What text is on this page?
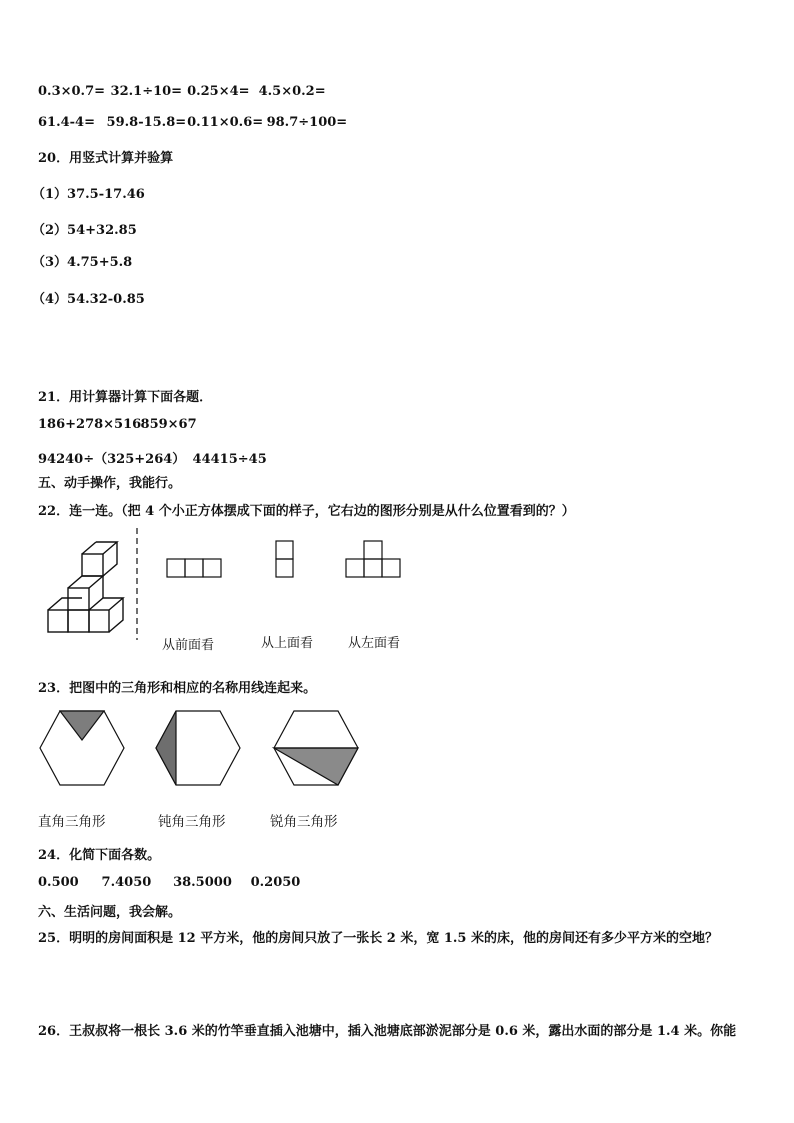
0.3×0.7= 32.1÷10= 0.25×4= 4.5×0.2=
61.4-4= 59.8-15.8= 0.11×0.6= 98.7÷100=
20．用竖式计算并验算
（1）37.5-17.46
（2）54+32.85
（3）4.75+5.8
（4）54.32-0.85
21．用计算器计算下面各题．
186+278×516 859×67
94240÷（325+264） 44415÷45
五、动手操作，我能行。
22．连一连。（把 4 个小正方体摆成下面的样子，它右边的图形分别是从什么位置看到的？）
从前面看	从上面看	从左面看
23．把图中的三角形和相应的名称用线连起来。
直角三角形	钝角三角形	锐角三角形
24．化简下面各数。
0.500 7.4050 38.5000 0.2050
六、生活问题，我会解。
25．明明的房间面积是 12 平方米，他的房间只放了一张长 2 米，宽 1.5 米的床，他的房间还有多少平方米的空地？
26．王叔叔将一根长 3.6 米的竹竿垂直插入池塘中，插入池塘底部淤泥部分是 0.6 米，露出水面的部分是 1.4 米。你能
